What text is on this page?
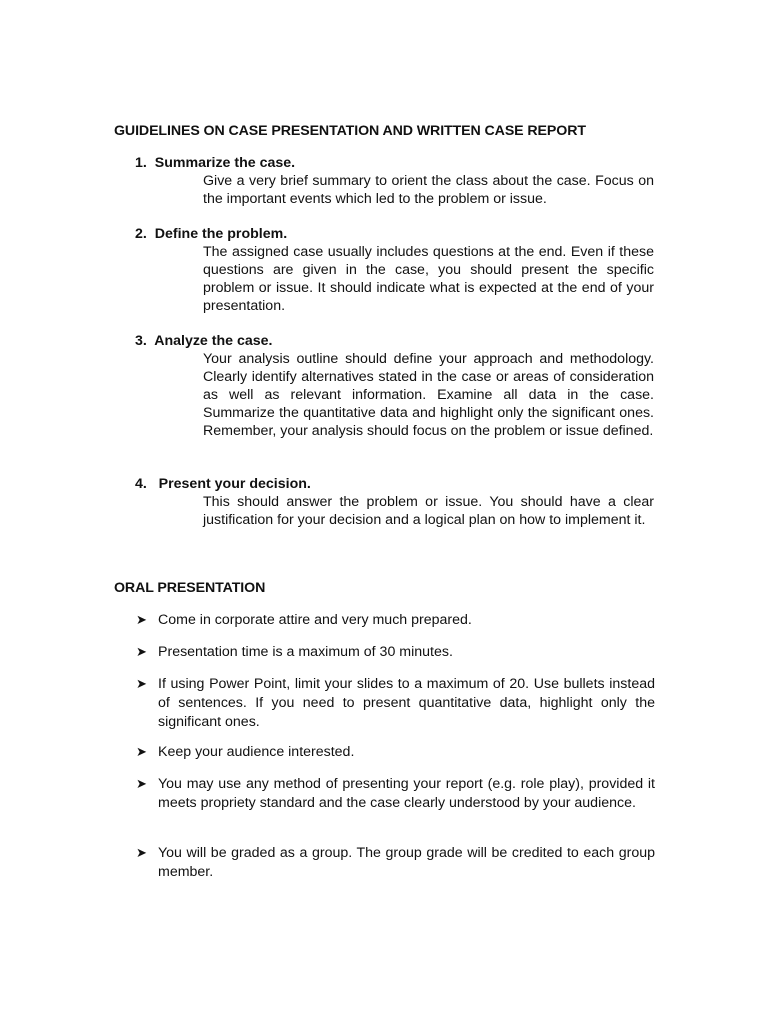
GUIDELINES ON CASE PRESENTATION AND WRITTEN CASE REPORT
1. Summarize the case.
Give a very brief summary to orient the class about the case. Focus on the important events which led to the problem or issue.
2. Define the problem.
The assigned case usually includes questions at the end. Even if these questions are given in the case, you should present the specific problem or issue. It should indicate what is expected at the end of your presentation.
3. Analyze the case.
Your analysis outline should define your approach and methodology. Clearly identify alternatives stated in the case or areas of consideration as well as relevant information. Examine all data in the case. Summarize the quantitative data and highlight only the significant ones. Remember, your analysis should focus on the problem or issue defined.
4. Present your decision.
This should answer the problem or issue. You should have a clear justification for your decision and a logical plan on how to implement it.
ORAL PRESENTATION
➤ Come in corporate attire and very much prepared.
➤ Presentation time is a maximum of 30 minutes.
➤ If using Power Point, limit your slides to a maximum of 20. Use bullets instead of sentences. If you need to present quantitative data, highlight only the significant ones.
➤ Keep your audience interested.
➤ You may use any method of presenting your report (e.g. role play), provided it meets propriety standard and the case clearly understood by your audience.
➤ You will be graded as a group. The group grade will be credited to each group member.
